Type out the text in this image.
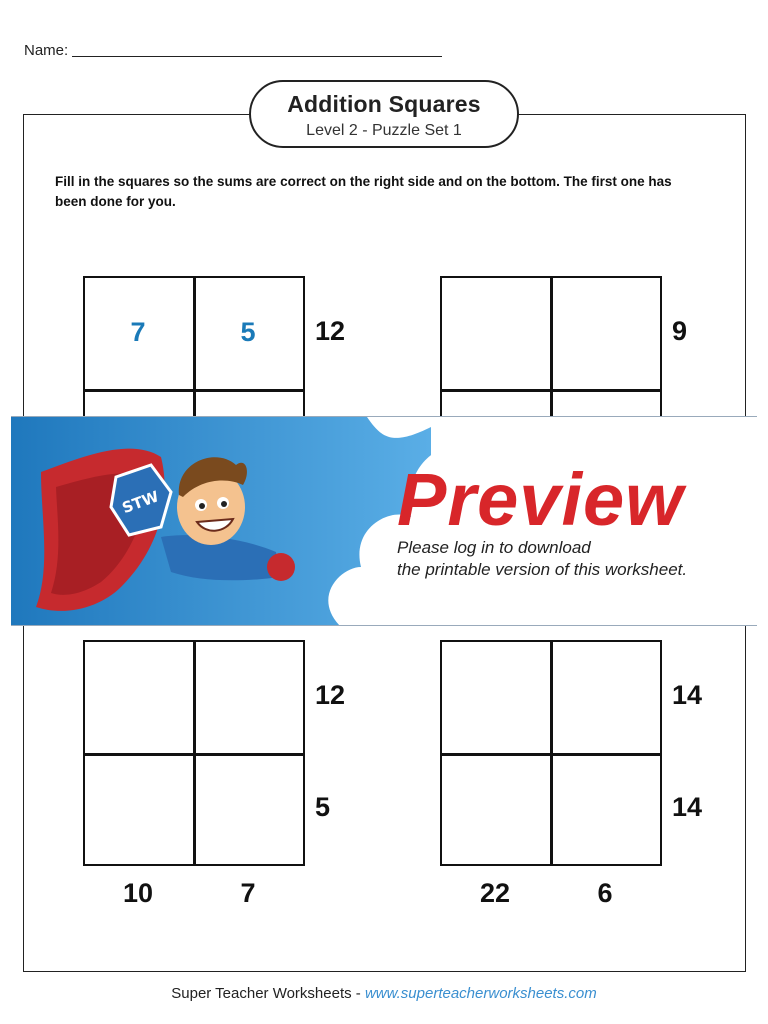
Name:
Addition Squares
Level 2 - Puzzle Set 1
Fill in the squares so the sums are correct on the right side and on the bottom. The first one has been done for you.
7	5	12	9
12
5
10	7
14
14
22	6
STW	Preview
Please log in to download
the printable version of this worksheet.
Super Teacher Worksheets - www.superteacherworksheets.com
